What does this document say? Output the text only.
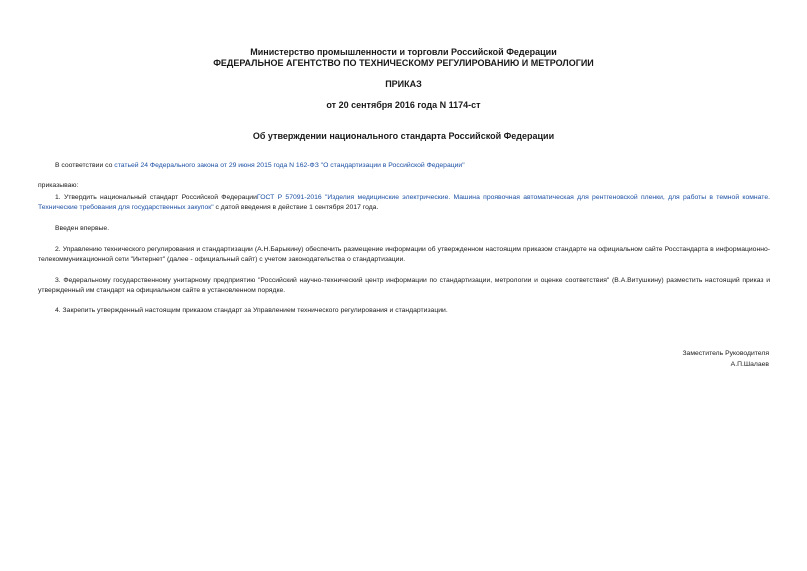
Министерство промышленности и торговли Российской Федерации
ФЕДЕРАЛЬНОЕ АГЕНТСТВО ПО ТЕХНИЧЕСКОМУ РЕГУЛИРОВАНИЮ И МЕТРОЛОГИИ
ПРИКАЗ
от 20 сентября 2016 года N 1174-ст
Об утверждении национального стандарта Российской Федерации
В соответствии со статьей 24 Федерального закона от 29 июня 2015 года N 162-ФЗ "О стандартизации в Российской Федерации"
приказываю:
1. Утвердить национальный стандарт Российской ФедерацииГОСТ Р 57091-2016 "Изделия медицинские электрические. Машина проявочная автоматическая для рентгеновской пленки, для работы в темной комнате. Технические требования для государственных закупок" с датой введения в действие 1 сентября 2017 года.
Введен впервые.
2. Управлению технического регулирования и стандартизации (А.Н.Барыкину) обеспечить размещение информации об утвержденном настоящим приказом стандарте на официальном сайте Росстандарта в информационно-телекоммуникационной сети "Интернет" (далее - официальный сайт) с учетом законодательства о стандартизации.
3. Федеральному государственному унитарному предприятию "Российский научно-технический центр информации по стандартизации, метрологии и оценке соответствия" (В.А.Витушкину) разместить настоящий приказ и утвержденный им стандарт на официальном сайте в установленном порядке.
4. Закрепить утвержденный настоящим приказом стандарт за Управлением технического регулирования и стандартизации.
Заместитель Руководителя
А.П.Шалаев
